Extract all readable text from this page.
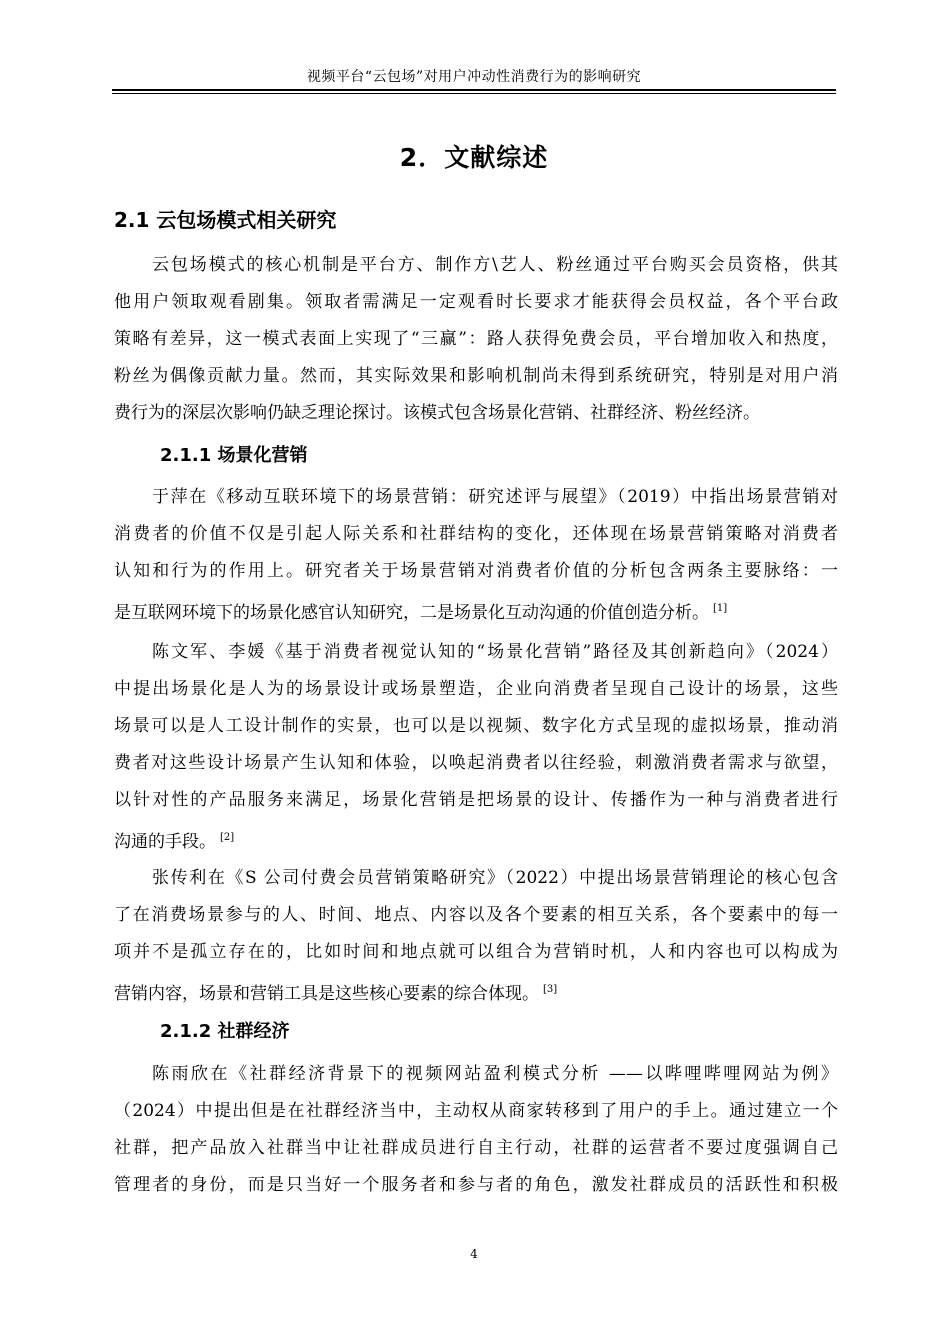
视频平台“云包场”对用户冲动性消费行为的影响研究
2．文献综述
2.1 云包场模式相关研究
云包场模式的核心机制是平台方、制作方\艺人、粉丝通过平台购买会员资格，供其
他用户领取观看剧集。领取者需满足一定观看时长要求才能获得会员权益，各个平台政
策略有差异，这一模式表面上实现了“三赢”：路人获得免费会员，平台增加收入和热度，
粉丝为偶像贡献力量。然而，其实际效果和影响机制尚未得到系统研究，特别是对用户消
费行为的深层次影响仍缺乏理论探讨。该模式包含场景化营销、社群经济、粉丝经济。
2.1.1 场景化营销
于萍在《移动互联环境下的场景营销：研究述评与展望》（2019）中指出场景营销对
消费者的价值不仅是引起人际关系和社群结构的变化，还体现在场景营销策略对消费者
认知和行为的作用上。研究者关于场景营销对消费者价值的分析包含两条主要脉络：一
是互联网环境下的场景化感官认知研究，二是场景化互动沟通的价值创造分析。 [1]
陈文军、李媛《基于消费者视觉认知的“场景化营销”路径及其创新趋向》（2024）
中提出场景化是人为的场景设计或场景塑造，企业向消费者呈现自己设计的场景，这些
场景可以是人工设计制作的实景，也可以是以视频、数字化方式呈现的虚拟场景，推动消
费者对这些设计场景产生认知和体验，以唤起消费者以往经验，刺激消费者需求与欲望，
以针对性的产品服务来满足，场景化营销是把场景的设计、传播作为一种与消费者进行
沟通的手段。 [2]
张传利在《S 公司付费会员营销策略研究》（2022）中提出场景营销理论的核心包含
了在消费场景参与的人、时间、地点、内容以及各个要素的相互关系，各个要素中的每一
项并不是孤立存在的，比如时间和地点就可以组合为营销时机，人和内容也可以构成为
营销内容，场景和营销工具是这些核心要素的综合体现。 [3]
2.1.2 社群经济
陈雨欣在《社群经济背景下的视频网站盈利模式分析 ——以哔哩哔哩网站为例》
（2024）中提出但是在社群经济当中，主动权从商家转移到了用户的手上。通过建立一个
社群，把产品放入社群当中让社群成员进行自主行动，社群的运营者不要过度强调自己
管理者的身份，而是只当好一个服务者和参与者的角色，激发社群成员的活跃性和积极
4
